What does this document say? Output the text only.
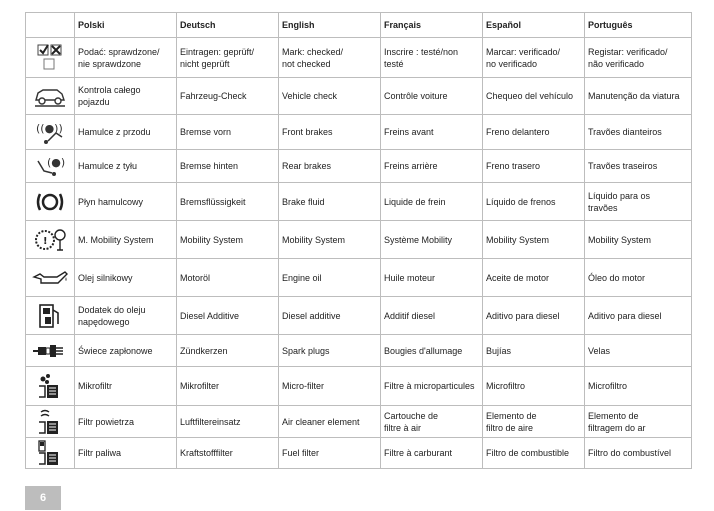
	Polski	Deutsch	English	Français	Español	Português

	Podać: sprawdzone/
nie sprawdzone	Eintragen: geprüft/
nicht geprüft	Mark: checked/
not checked	Inscrire : testé/non
testé	Marcar: verificado/
no verificado	Registar: verificado/
não verificado

	Kontrola całego
pojazdu	Fahrzeug-Check	Vehicle check	Contrôle voiture	Chequeo del vehículo	Manutenção da viatura

((●))	Hamulce z przodu	Bremse vorn	Front brakes	Freins avant	Freno delantero	Travões dianteiros

(●)	Hamulce z tyłu	Bremse hinten	Rear brakes	Freins arrière	Freno trasero	Travões traseiros

	Płyn hamulcowy	Bremsflüssigkeit	Brake fluid	Liquide de frein	Líquido de frenos	Líquido para os
travões

!	M. Mobility System	Mobility System	Mobility System	Système Mobility	Mobility System	Mobility System

	Olej silnikowy	Motoröl	Engine oil	Huile moteur	Aceite de motor	Óleo do motor

	Dodatek do oleju
napędowego	Diesel Additive	Diesel additive	Additif diesel	Aditivo para diesel	Aditivo para diesel

	Świece zapłonowe	Zündkerzen	Spark plugs	Bougies d'allumage	Bujías	Velas

	Mikrofiltr	Mikrofilter	Micro-filter	Filtre à microparticules	Microfiltro	Microfiltro

	Filtr powietrza	Luftfiltereinsatz	Air cleaner element	Cartouche de
filtre à air	Elemento de
filtro de aire	Elemento de
filtragem do ar

	Filtr paliwa	Kraftstofffilter	Fuel filter	Filtre à carburant	Filtro de combustible	Filtro do combustível
6
